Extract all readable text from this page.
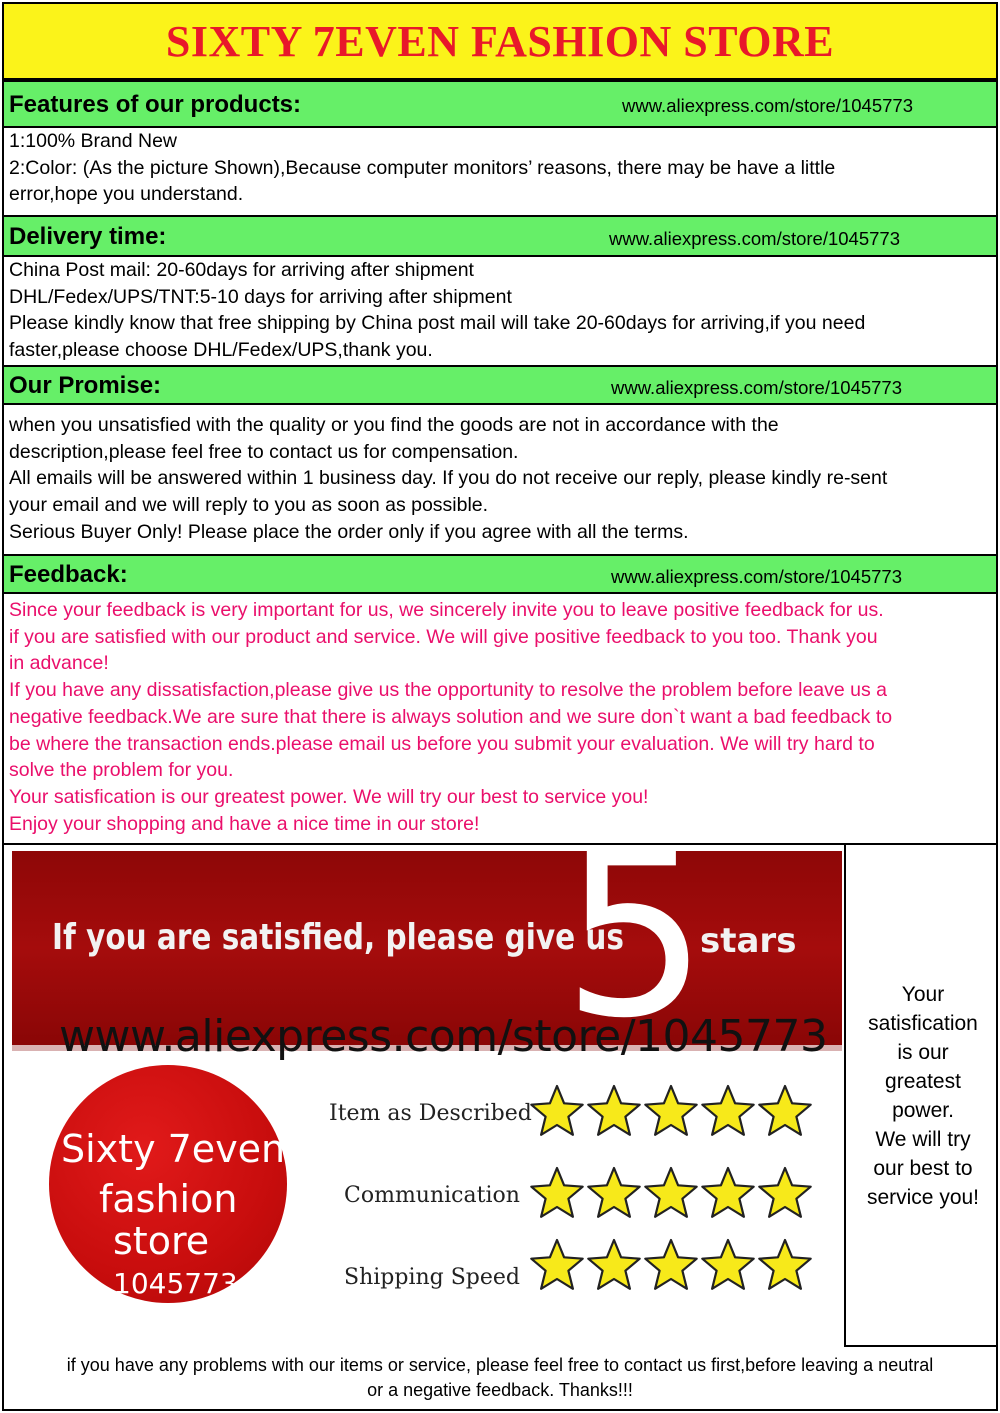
SIXTY 7EVEN FASHION STORE
Features of our products:	www.aliexpress.com/store/1045773

1:100% Brand New

2:Color: (As the picture Shown),Because computer monitors’ reasons, there may be have a little

error,hope you understand.

Delivery time:	www.aliexpress.com/store/1045773

China Post mail: 20-60days for arriving after shipment

DHL/Fedex/UPS/TNT:5-10 days for arriving after shipment

Please kindly know that free shipping by China post mail will take 20-60days for arriving,if you need

faster,please choose DHL/Fedex/UPS,thank you.

Our Promise:	www.aliexpress.com/store/1045773

when you unsatisfied with the quality or you find the goods are not in accordance with the

description,please feel free to contact us for compensation.

All emails will be answered within 1 business day. If you do not receive our reply, please kindly re-sent

your email and we will reply to you as soon as possible.

Serious Buyer Only! Please place the order only if you agree with all the terms.

Feedback:	www.aliexpress.com/store/1045773

Since your feedback is very important for us, we sincerely invite you to leave positive feedback for us.

if you are satisfied with our product and service. We will give positive feedback to you too. Thank you

in advance!

If you have any dissatisfaction,please give us the opportunity to resolve the problem before leave us a

negative feedback.We are sure that there is always solution and we sure don`t want a bad feedback to

be where the transaction ends.please email us before you submit your evaluation. We will try hard to

solve the problem for you.

Your satisfication is our greatest power. We will try our best to service you!

Enjoy your shopping and have a nice time in our store!

If you are satisfied, please give us
5
stars
www.aliexpress.com/store/1045773
Sixty 7even
fashion
store
1045773
Item as Described
Communication
Shipping Speed

Your
satisfication
is our
greatest
power.
We will try
our best to
service you!

if you have any problems with our items or service, please feel free to contact us first,before leaving a neutral
or a negative feedback. Thanks!!!
